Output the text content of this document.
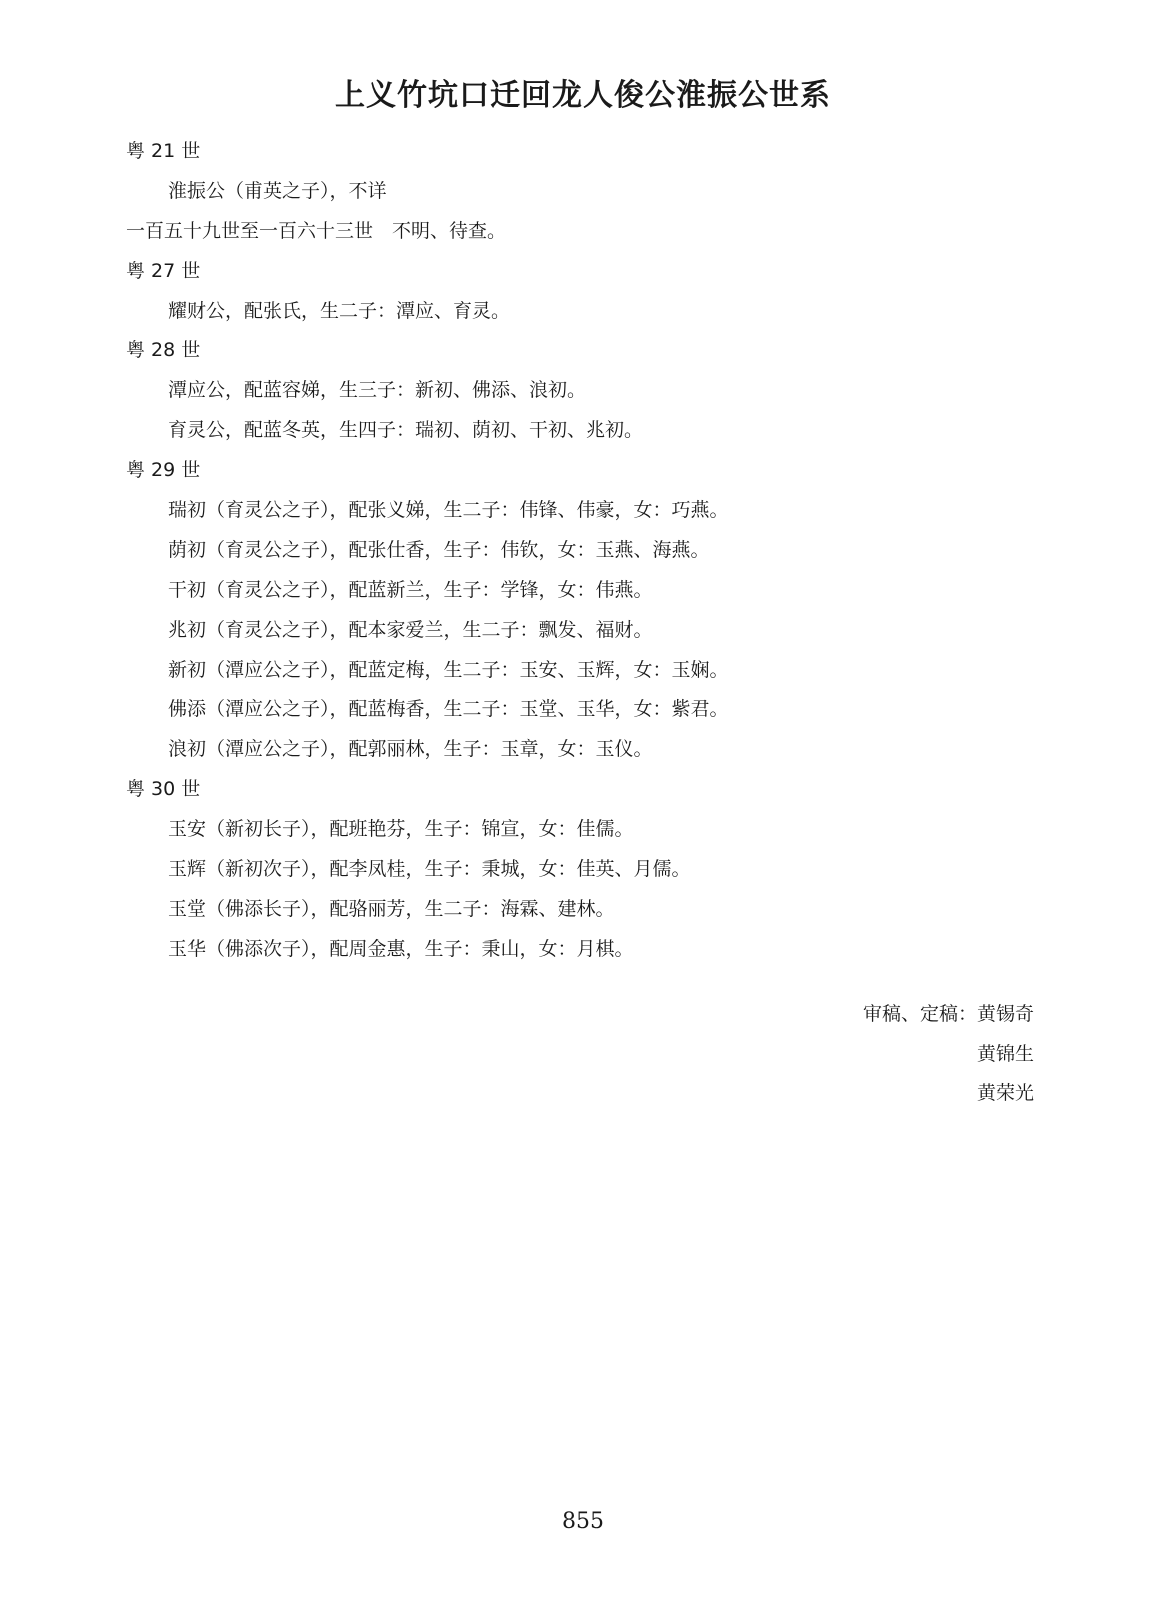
上义竹坑口迁回龙人俊公淮振公世系
粤 21 世
淮振公（甫英之子），不详
一百五十九世至一百六十三世　不明、待查。
粤 27 世
耀财公，配张氏，生二子：潭应、育灵。
粤 28 世
潭应公，配蓝容娣，生三子：新初、佛添、浪初。
育灵公，配蓝冬英，生四子：瑞初、荫初、干初、兆初。
粤 29 世
瑞初（育灵公之子），配张义娣，生二子：伟锋、伟豪，女：巧燕。
荫初（育灵公之子），配张仕香，生子：伟钦，女：玉燕、海燕。
干初（育灵公之子），配蓝新兰，生子：学锋，女：伟燕。
兆初（育灵公之子），配本家爱兰，生二子：飘发、福财。
新初（潭应公之子），配蓝定梅，生二子：玉安、玉辉，女：玉娴。
佛添（潭应公之子），配蓝梅香，生二子：玉堂、玉华，女：紫君。
浪初（潭应公之子），配郭丽林，生子：玉章，女：玉仪。
粤 30 世
玉安（新初长子），配班艳芬，生子：锦宣，女：佳儒。
玉辉（新初次子），配李凤桂，生子：秉城，女：佳英、月儒。
玉堂（佛添长子），配骆丽芳，生二子：海霖、建林。
玉华（佛添次子），配周金惠，生子：秉山，女：月棋。
审稿、定稿：黄锡奇
黄锦生
黄荣光
855
